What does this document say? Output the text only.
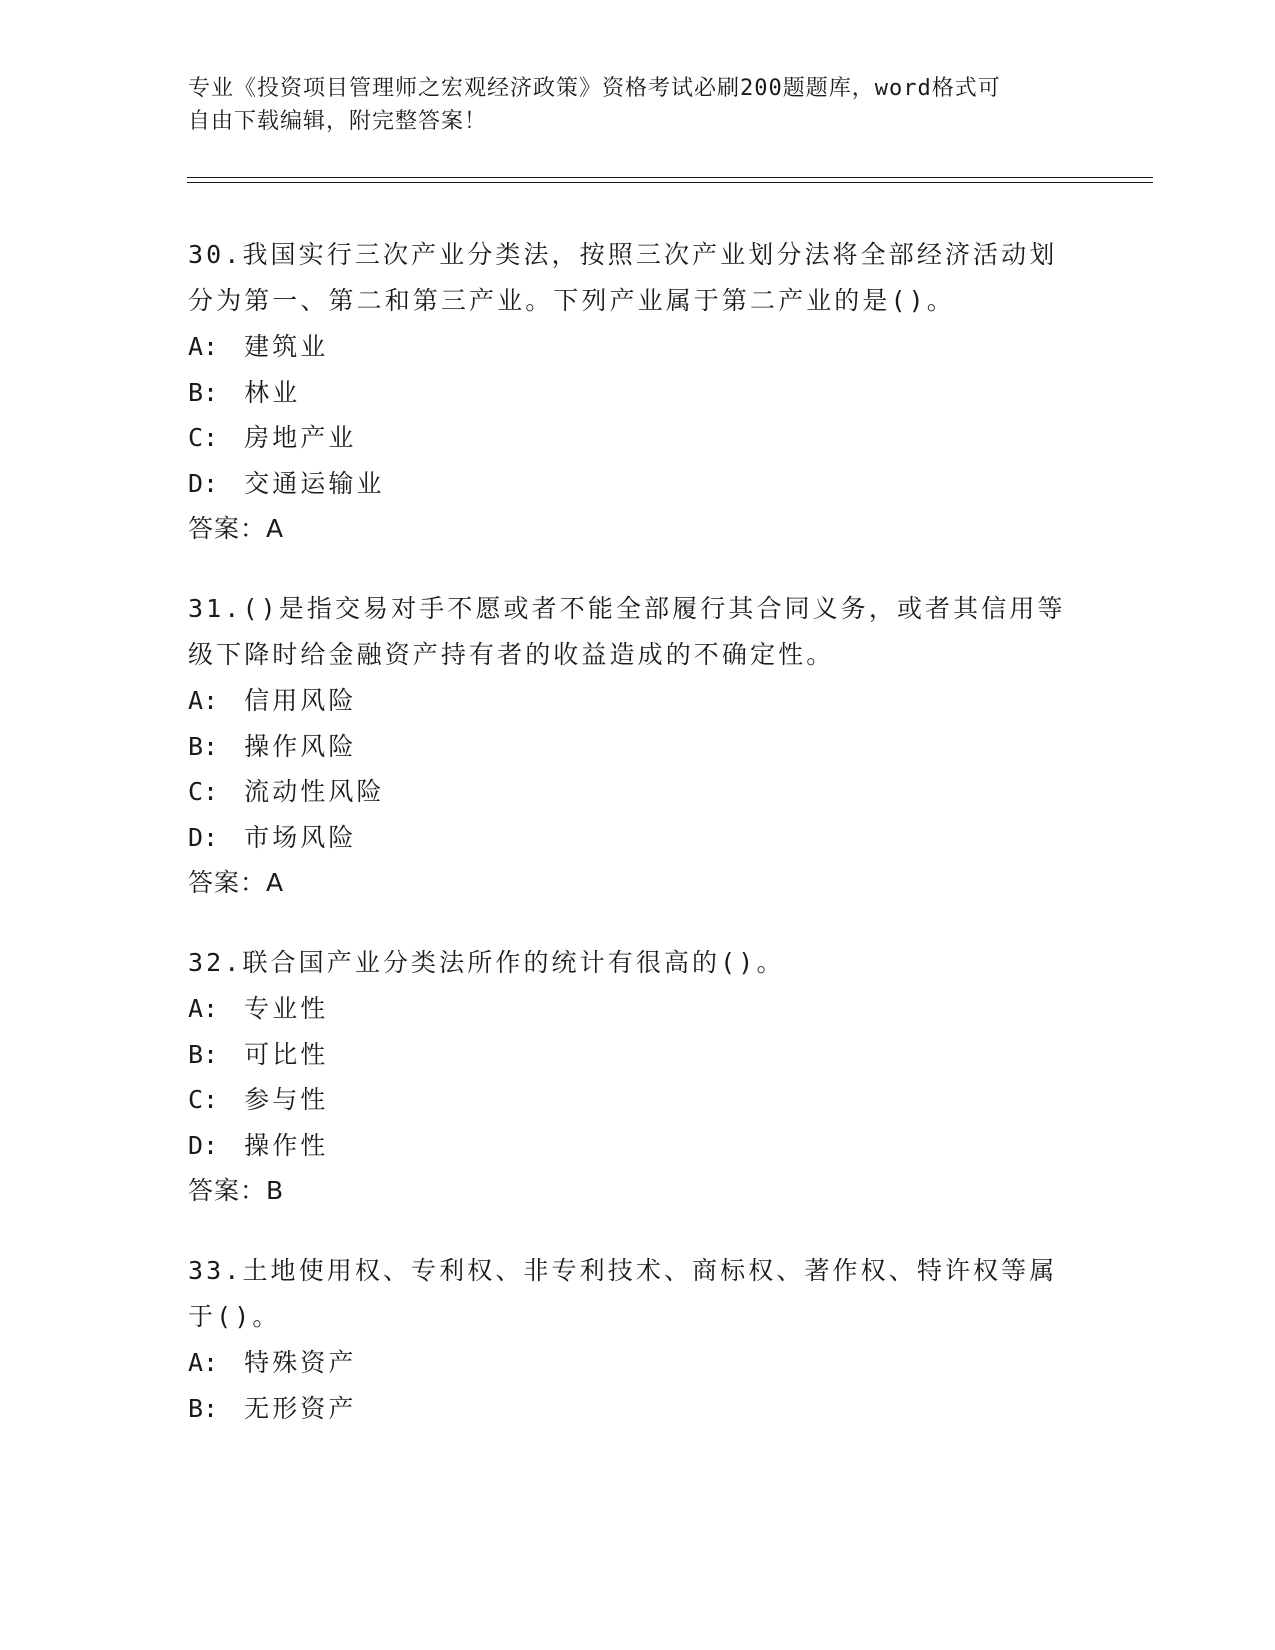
专业《投资项目管理师之宏观经济政策》资格考试必刷200题题库，word格式可
自由下载编辑，附完整答案！
30.我国实行三次产业分类法，按照三次产业划分法将全部经济活动划
分为第一、第二和第三产业。下列产业属于第二产业的是()。
A: 建筑业
B: 林业
C: 房地产业
D: 交通运输业
答案：A
31.()是指交易对手不愿或者不能全部履行其合同义务，或者其信用等
级下降时给金融资产持有者的收益造成的不确定性。
A: 信用风险
B: 操作风险
C: 流动性风险
D: 市场风险
答案：A
32.联合国产业分类法所作的统计有很高的()。
A: 专业性
B: 可比性
C: 参与性
D: 操作性
答案：B
33.土地使用权、专利权、非专利技术、商标权、著作权、特许权等属
于()。
A: 特殊资产
B: 无形资产
